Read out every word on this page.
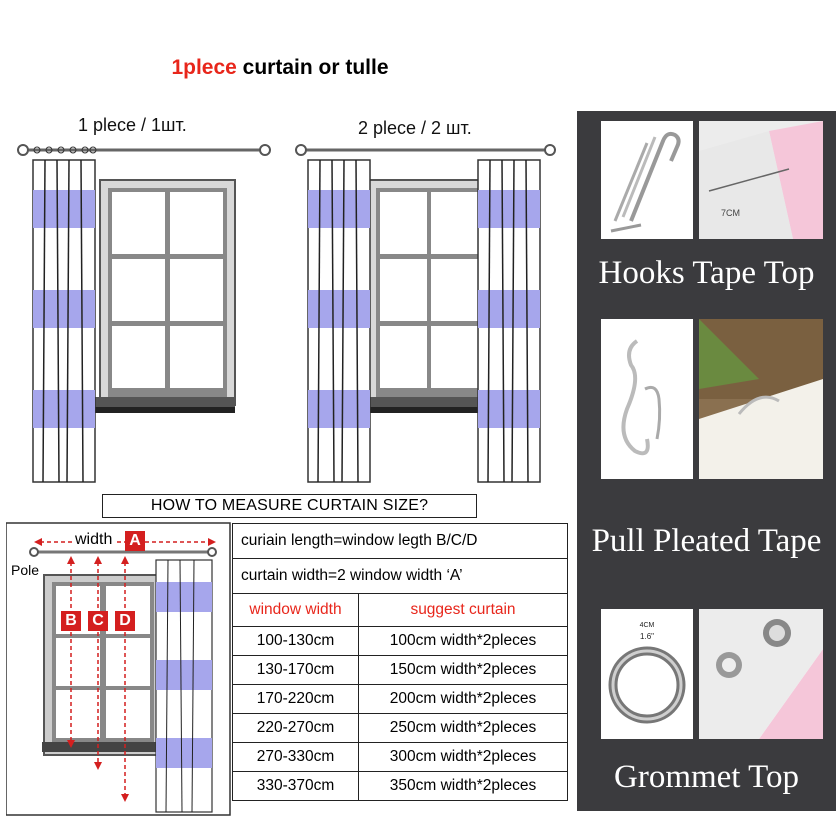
1plece curtain or tulle
1 plece / 1шт.	2 plece / 2 шт.
7CM
Hooks Tape Top
Pull Pleated Tape
4CM
1.6"
Grommet Top
HOW TO MEASURE CURTAIN SIZE?
width
Pole
A
B C D
curiain length=window legth B/C/D	
curtain width=2 window width ‘A’	
window width	suggest curtain
100-130cm	100cm width*2pleces
130-170cm	150cm width*2pleces
170-220cm	200cm width*2pleces
220-270cm	250cm width*2pleces
270-330cm	300cm width*2pleces
330-370cm	350cm width*2pleces
